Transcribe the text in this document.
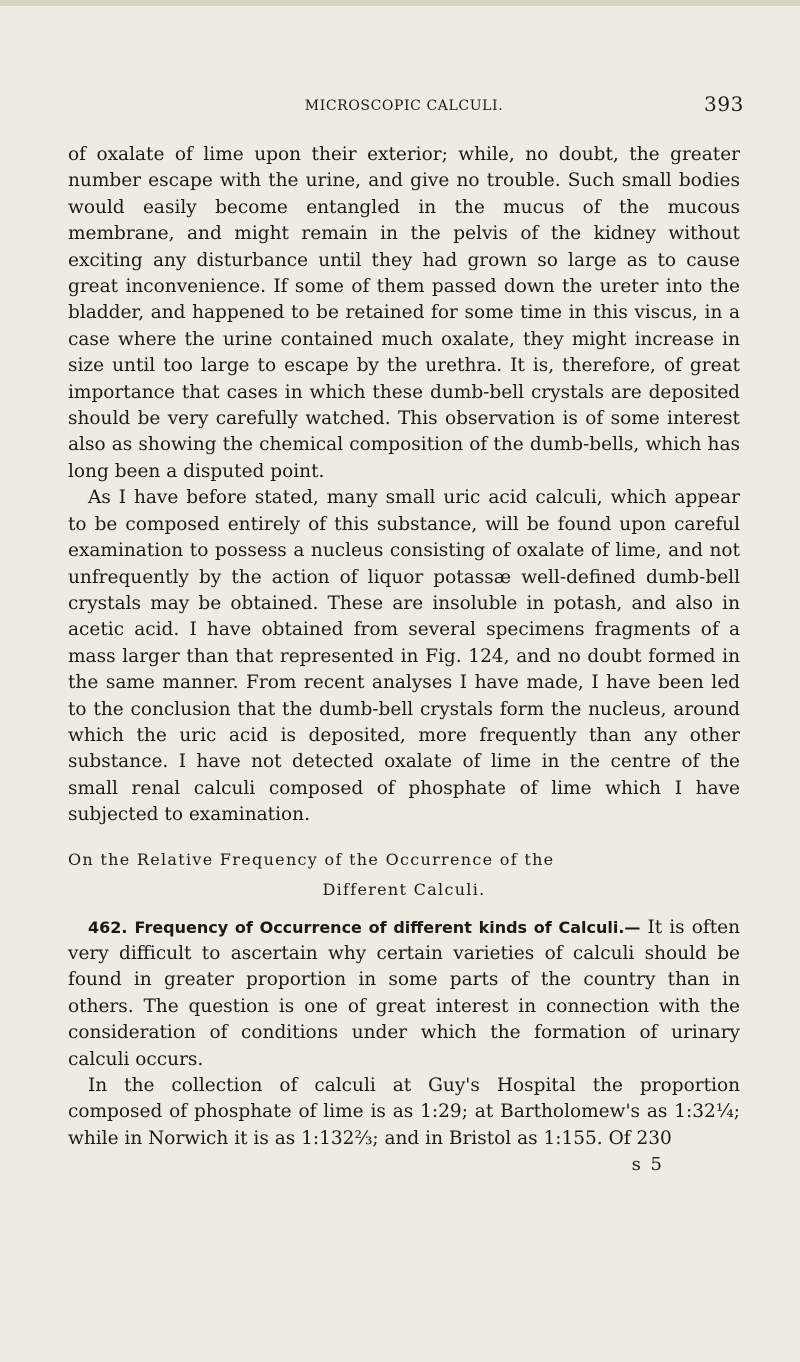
MICROSCOPIC CALCULI.	393

of oxalate of lime upon their exterior; while, no doubt, the greater number escape with the urine, and give no trouble. Such small bodies would easily become entangled in the mucus of the mucous membrane, and might remain in the pelvis of the kidney without exciting any disturbance until they had grown so large as to cause great inconvenience. If some of them passed down the ureter into the bladder, and happened to be retained for some time in this viscus, in a case where the urine contained much oxalate, they might increase in size until too large to escape by the urethra. It is, therefore, of great importance that cases in which these dumb-bell crystals are deposited should be very carefully watched. This observation is of some interest also as showing the chemical composition of the dumb-bells, which has long been a disputed point.

As I have before stated, many small uric acid calculi, which appear to be composed entirely of this substance, will be found upon careful examination to possess a nucleus consisting of oxalate of lime, and not unfrequently by the action of liquor potassæ well-defined dumb-bell crystals may be obtained. These are insoluble in potash, and also in acetic acid. I have obtained from several specimens fragments of a mass larger than that represented in Fig. 124, and no doubt formed in the same manner. From recent analyses I have made, I have been led to the conclusion that the dumb-bell crystals form the nucleus, around which the uric acid is deposited, more frequently than any other substance. I have not detected oxalate of lime in the centre of the small renal calculi composed of phosphate of lime which I have subjected to examination.

On the Relative Frequency of the Occurrence of the
Different Calculi.

462. Frequency of Occurrence of different kinds of Calculi.— It is often very difficult to ascertain why certain varieties of calculi should be found in greater proportion in some parts of the country than in others. The question is one of great interest in connection with the consideration of conditions under which the formation of urinary calculi occurs.

In the collection of calculi at Guy's Hospital the proportion composed of phosphate of lime is as 1:29; at Bartholomew's as 1:32¼; while in Norwich it is as 1:132⅔; and in Bristol as 1:155. Of 230

s 5
